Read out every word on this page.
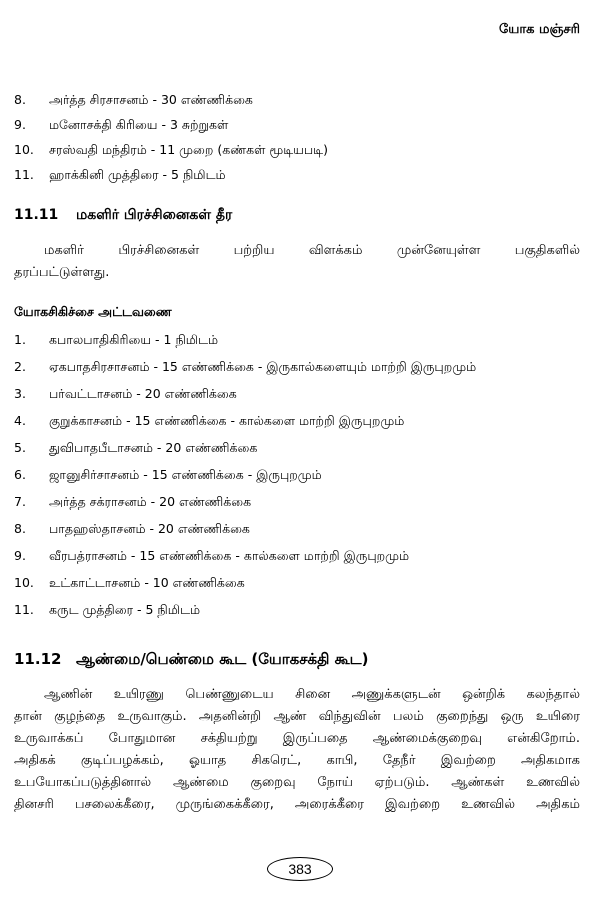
யோக மஞ்சரி
8.	அர்த்த சிரசாசனம் - 30 எண்ணிக்கை
9.	மனோசக்தி கிரியை - 3 சுற்றுகள்
10.	சரஸ்வதி மந்திரம் - 11 முறை (கண்கள் மூடியபடி)
11.	ஹாக்கினி முத்திரை - 5 நிமிடம்
11.11 மகளிர் பிரச்சினைகள் தீர
மகளிர் பிரச்சினைகள் பற்றிய விளக்கம் முன்னேயுள்ள பகுதிகளில்
தரப்பட்டுள்ளது.
யோகசிகிச்சை அட்டவணை
1.	கபாலபாதிகிரியை - 1 நிமிடம்
2.	ஏகபாதசிரசாசனம் - 15 எண்ணிக்கை - இருகால்களையும் மாற்றி இருபுறமும்
3.	பர்வட்டாசனம் - 20 எண்ணிக்கை
4.	குறுக்காசனம் - 15 எண்ணிக்கை - கால்களை மாற்றி இருபுறமும்
5.	துவிபாதபீடாசனம் - 20 எண்ணிக்கை
6.	ஜானுசிர்சாசனம் - 15 எண்ணிக்கை - இருபுறமும்
7.	அர்த்த சக்ராசனம் - 20 எண்ணிக்கை
8.	பாதஹஸ்தாசனம் - 20 எண்ணிக்கை
9.	வீரபத்ராசனம் - 15 எண்ணிக்கை - கால்களை மாற்றி இருபுறமும்
10.	உட்காட்டாசனம் - 10 எண்ணிக்கை
11.	கருட முத்திரை - 5 நிமிடம்
11.12 ஆண்மை/பெண்மை கூட (யோகசக்தி கூட)
ஆணின் உயிரணு பெண்ணுடைய சினை அணுக்களுடன் ஒன்றிக் கலந்தால்
தான் குழந்தை உருவாகும். அதனின்றி ஆண் விந்துவின் பலம் குறைந்து ஒரு உயிரை
உருவாக்கப் போதுமான சக்தியற்று இருப்பதை ஆண்மைக்குறைவு என்கிறோம்.
அதிகக் குடிப்பழக்கம், ஓயாத சிகரெட், காபி, தேநீர் இவற்றை அதிகமாக
உபயோகப்படுத்தினால் ஆண்மை குறைவு நோய் ஏற்படும். ஆண்கள் உணவில்
தினசரி பசலைக்கீரை, முருங்கைக்கீரை, அரைக்கீரை இவற்றை உணவில் அதிகம்
383
